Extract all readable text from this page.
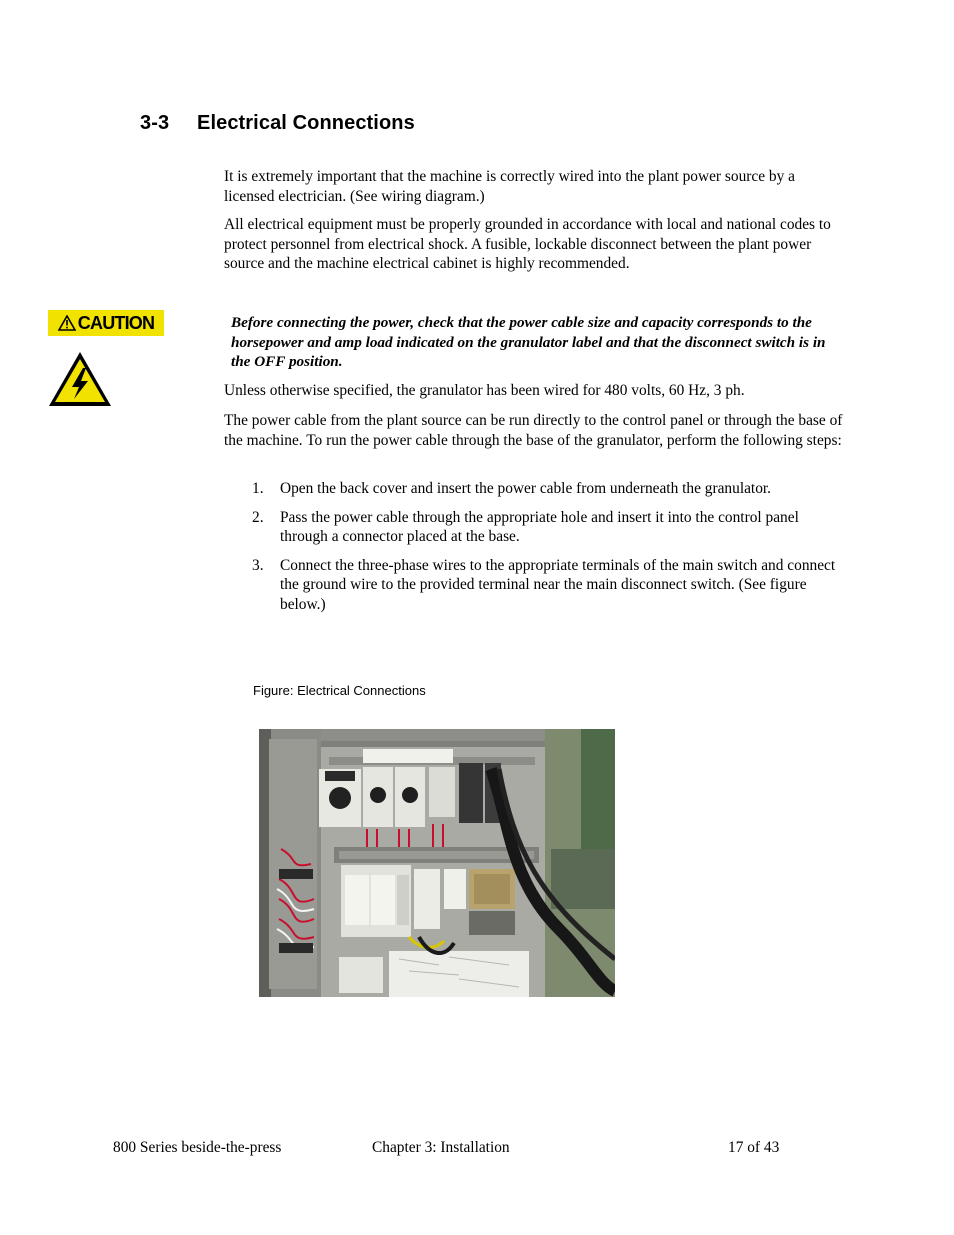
3-3 Electrical Connections
It is extremely important that the machine is correctly wired into the plant power source by a licensed electrician. (See wiring diagram.)
All electrical equipment must be properly grounded in accordance with local and national codes to protect personnel from electrical shock. A fusible, lockable disconnect between the plant power source and the machine electrical cabinet is highly recommended.
CAUTION	Before connecting the power, check that the power cable size and capacity corresponds to the horsepower and amp load indicated on the granulator label and that the disconnect switch is in the OFF position.
Unless otherwise specified, the granulator has been wired for 480 volts, 60 Hz, 3 ph.
The power cable from the plant source can be run directly to the control panel or through the base of the machine. To run the power cable through the base of the granulator, perform the following steps:
1. Open the back cover and insert the power cable from underneath the granulator.
2. Pass the power cable through the appropriate hole and insert it into the control panel through a connector placed at the base.
3. Connect the three-phase wires to the appropriate terminals of the main switch and connect the ground wire to the provided terminal near the main disconnect switch. (See figure below.)
Figure: Electrical Connections
800 Series beside-the-press	Chapter 3: Installation	17 of 43
